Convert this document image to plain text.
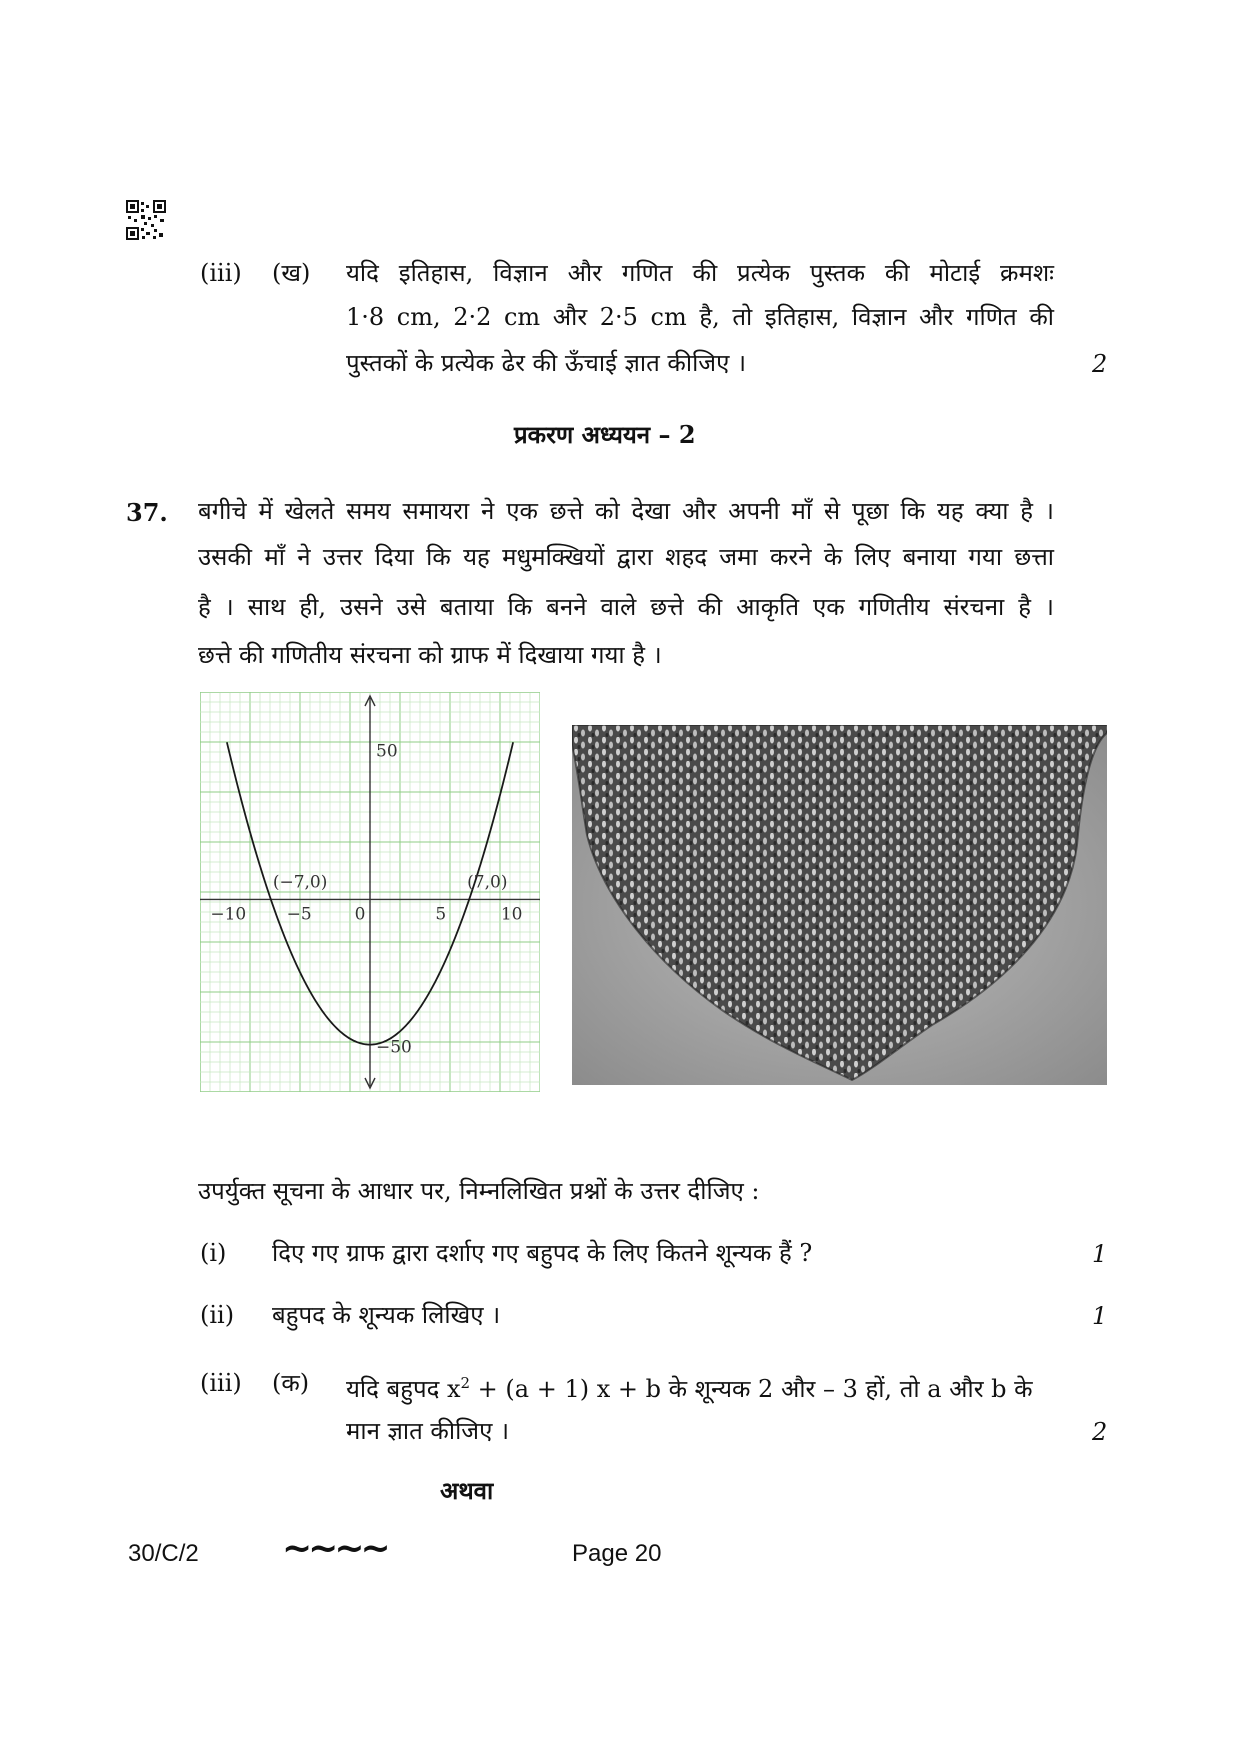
(iii) (ख) यदि इतिहास, विज्ञान और गणित की प्रत्येक पुस्तक की मोटाई क्रमशः
1·8 cm, 2·2 cm और 2·5 cm है, तो इतिहास, विज्ञान और गणित की
पुस्तकों के प्रत्येक ढेर की ऊँचाई ज्ञात कीजिए ।	2
प्रकरण अध्ययन – 2
37. बगीचे में खेलते समय समायरा ने एक छत्ते को देखा और अपनी माँ से पूछा कि यह क्या है ।
उसकी माँ ने उत्तर दिया कि यह मधुमक्खियों द्वारा शहद जमा करने के लिए बनाया गया छत्ता
है । साथ ही, उसने उसे बताया कि बनने वाले छत्ते की आकृति एक गणितीय संरचना है ।
छत्ते की गणितीय संरचना को ग्राफ में दिखाया गया है ।
−10 −5	0	5	10
50
−50
(−7,0)	(7,0)
उपर्युक्त सूचना के आधार पर, निम्नलिखित प्रश्नों के उत्तर दीजिए :
(i) दिए गए ग्राफ द्वारा दर्शाए गए बहुपद के लिए कितने शून्यक हैं ?	1
(ii) बहुपद के शून्यक लिखिए ।	1
(iii) (क) यदि बहुपद $x^2 + (a + 1) x + b$ के शून्यक 2 और – 3 हों, तो a और b के
मान ज्ञात कीजिए ।	2
अथवा
30/C/2 ~~~~	Page 20
